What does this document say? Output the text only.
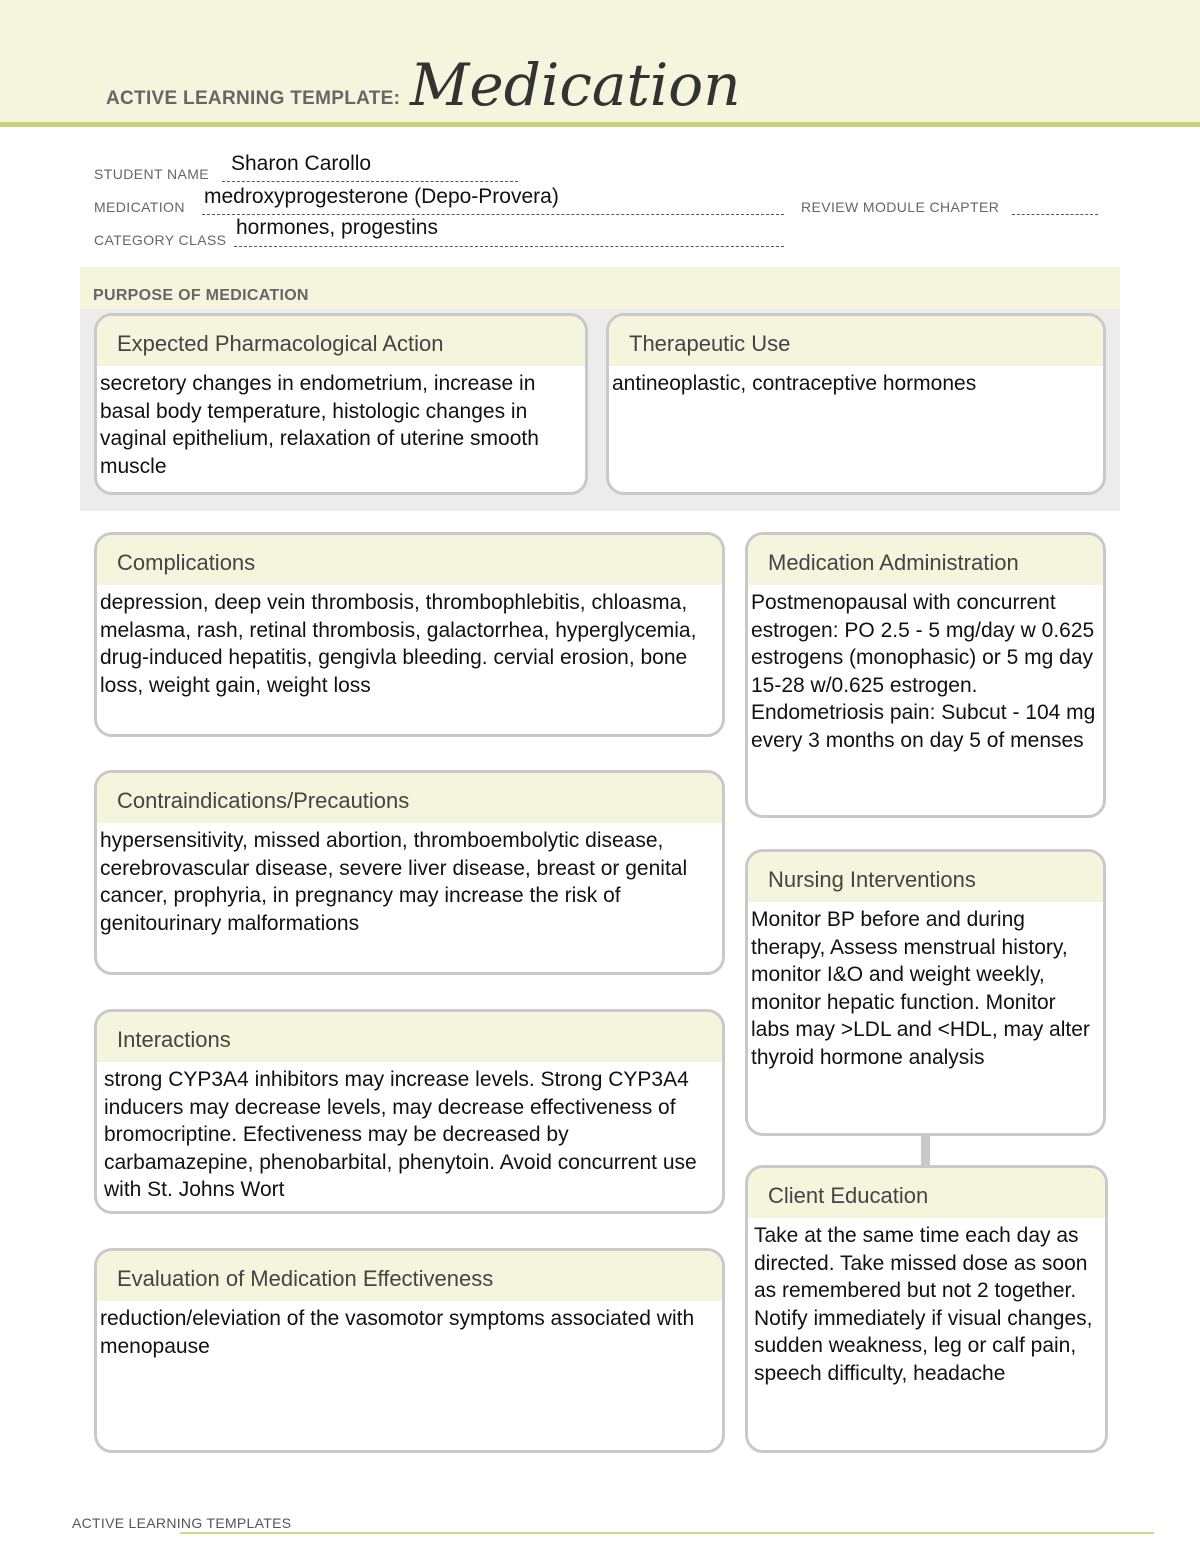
ACTIVE LEARNING TEMPLATE: Medication
STUDENT NAME Sharon Carollo
MEDICATION medroxyprogesterone (Depo-Provera)	REVIEW MODULE CHAPTER
CATEGORY CLASS
hormones, progestins
PURPOSE OF MEDICATION
Expected Pharmacological Action
secretory changes in endometrium, increase in basal body temperature, histologic changes in vaginal epithelium, relaxation of uterine smooth muscle
Therapeutic Use
antineoplastic, contraceptive hormones
Complications
depression, deep vein thrombosis, thrombophlebitis, chloasma, melasma, rash, retinal thrombosis, galactorrhea, hyperglycemia, drug-induced hepatitis, gengivla bleeding. cervial erosion, bone loss, weight gain, weight loss
Contraindications/Precautions
hypersensitivity, missed abortion, thromboembolytic disease, cerebrovascular disease, severe liver disease, breast or genital cancer, prophyria, in pregnancy may increase the risk of genitourinary malformations
Interactions
strong CYP3A4 inhibitors may increase levels. Strong CYP3A4 inducers may decrease levels, may decrease effectiveness of bromocriptine. Efectiveness may be decreased by carbamazepine, phenobarbital, phenytoin. Avoid concurrent use with St. Johns Wort
Evaluation of Medication Effectiveness
reduction/eleviation of the vasomotor symptoms associated with menopause
Medication Administration
Postmenopausal with concurrent estrogen: PO 2.5 - 5 mg/day w 0.625 estrogens (monophasic) or 5 mg day 15-28 w/0.625 estrogen. Endometriosis pain: Subcut - 104 mg every 3 months on day 5 of menses
Nursing Interventions
Monitor BP before and during therapy, Assess menstrual history, monitor I&O and weight weekly, monitor hepatic function. Monitor labs may >LDL and <HDL, may alter thyroid hormone analysis
Client Education
Take at the same time each day as directed. Take missed dose as soon as remembered but not 2 together. Notify immediately if visual changes, sudden weakness, leg or calf pain, speech difficulty, headache
ACTIVE LEARNING TEMPLATES
